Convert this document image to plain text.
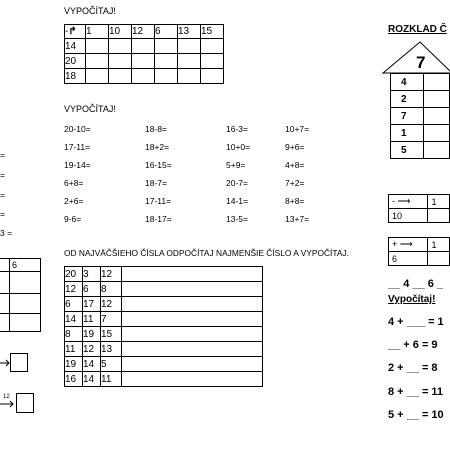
VYPOČÍTAJ!
-↱	1	10	12	6	13	15
14						
20						
18						
VYPOČÍTAJ!
20-10=	18-8=	16-3=	10+7=
17-11=	18+2=	10+0=	9+6=
19-14=	16-15=	5+9=	4+8=
6+8=	18-7=	20-7=	7+2=
2+6=	17-11=	14-1=	8+8=
9-6=	18-17=	13-5=	13+7=
=
=
=
=
3 =
	6

12
OD NAJVÄČŠIEHO ČÍSLA ODPOČÍTAJ NAJMENŠIE ČÍSLO A VYPOČÍTAJ.
20	3	12	
12	6	8	
6	17	12	
14	11	7	
8	19	15	
11	12	13	
19	14	5	
16	14	11	
ROZKLAD Č
7
4	
2	
7	
1	
5	
- ⟶	1
10	
+ ⟶	1
6	
__ 4 __ 6 _
Vypočítaj!
4 + ___ = 1
__ + 6 = 9
2 + __ = 8
8 + __ = 11
5 + __ = 10
